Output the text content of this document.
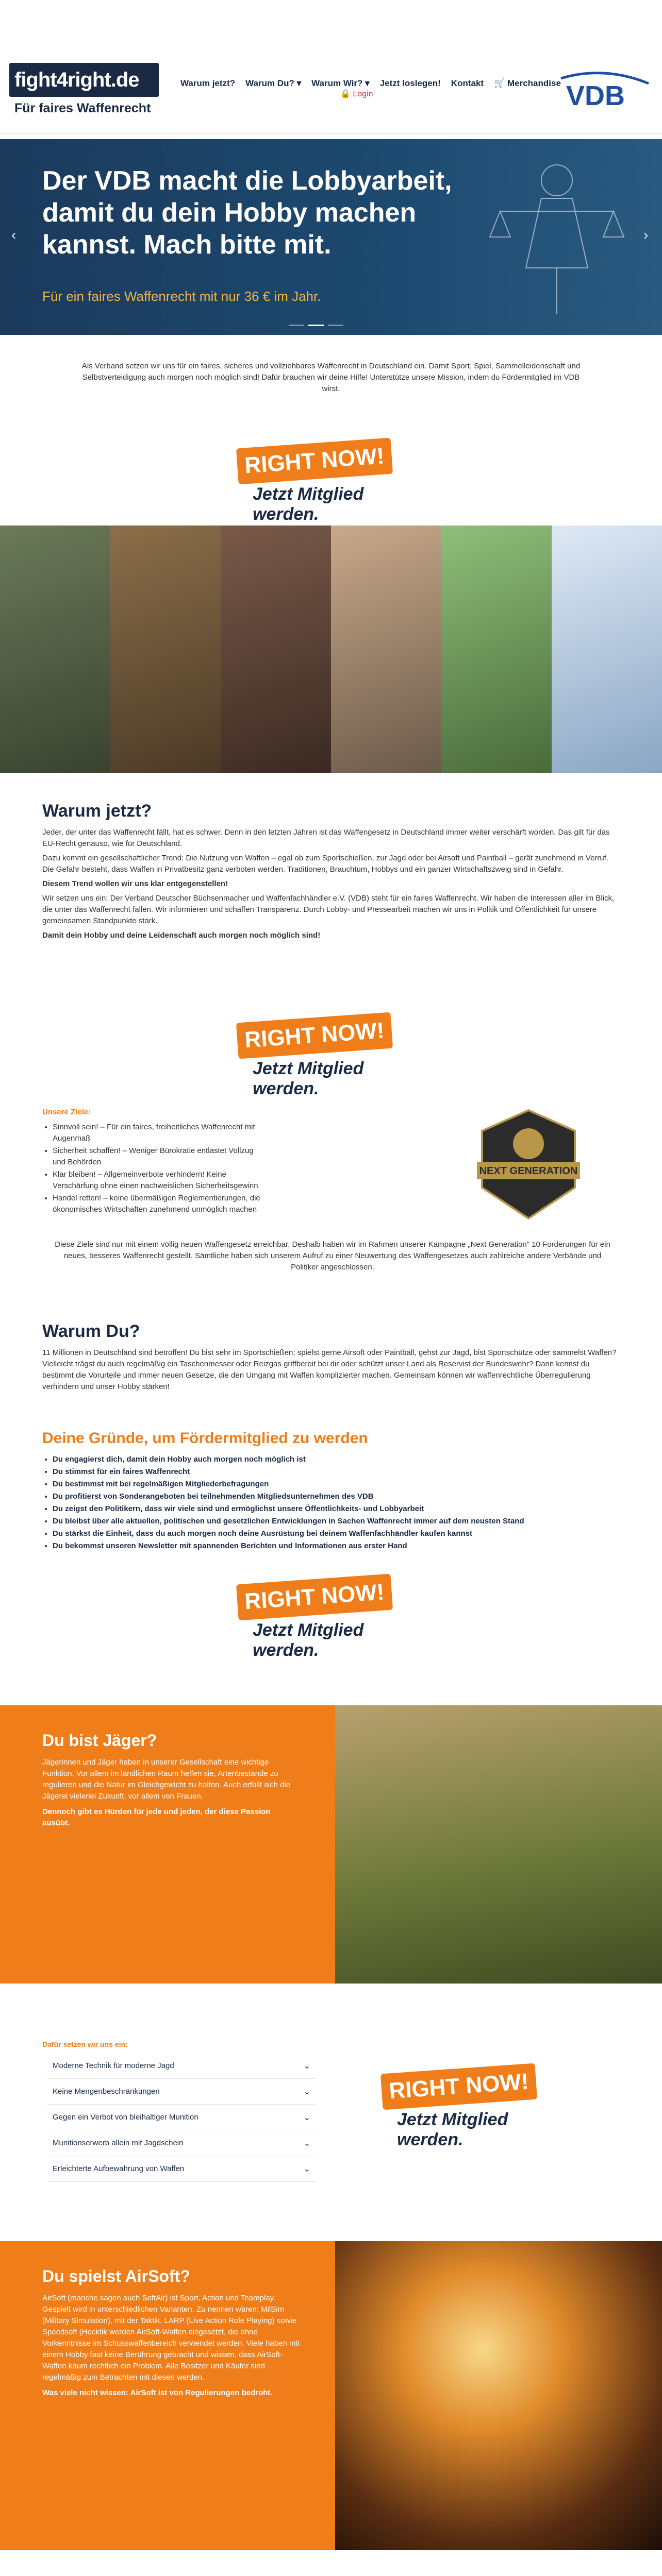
fight4right.de
Für faires Waffenrecht
Warum jetzt? Warum Du? ▾ Warum Wir? ▾ Jetzt loslegen! Kontakt 🛒 Merchandise
🔒 Login	VDB
Der VDB macht die Lobbyarbeit, damit du dein Hobby machen kannst. Mach bitte mit.
Für ein faires Waffenrecht mit nur 36 € im Jahr.
‹	›
Als Verband setzen wir uns für ein faires, sicheres und vollziehbares Waffenrecht in Deutschland ein. Damit Sport, Spiel, Sammelleidenschaft und Selbstverteidigung auch morgen noch möglich sind! Dafür brauchen wir deine Hilfe! Unterstütze unsere Mission, indem du Fördermitglied im VDB wirst.
RIGHT NOW!
Jetzt Mitglied werden.
Warum jetzt?

Jeder, der unter das Waffenrecht fällt, hat es schwer. Denn in den letzten Jahren ist das Waffengesetz in Deutschland immer weiter verschärft worden. Das gilt für das EU-Recht genauso, wie für Deutschland.

Dazu kommt ein gesellschaftlicher Trend: Die Nutzung von Waffen – egal ob zum Sportschießen, zur Jagd oder bei Airsoft und Paintball – gerät zunehmend in Verruf. Die Gefahr besteht, dass Waffen in Privatbesitz ganz verboten werden. Traditionen, Brauchtum, Hobbys und ein ganzer Wirtschaftszweig sind in Gefahr.

Diesem Trend wollen wir uns klar entgegenstellen!

Wir setzen uns ein: Der Verband Deutscher Büchsenmacher und Waffenfachhändler e.V. (VDB) steht für ein faires Waffenrecht. Wir haben die Interessen aller im Blick, die unter das Waffenrecht fallen. Wir informieren und schaffen Transparenz. Durch Lobby- und Pressearbeit machen wir uns in Politik und Öffentlichkeit für unsere gemeinsamen Standpunkte stark.

Damit dein Hobby und deine Leidenschaft auch morgen noch möglich sind!

RIGHT NOW!
Jetzt Mitglied werden.
Unsere Ziele:
• Sinnvoll sein! – Für ein faires, freiheitliches Waffenrecht mit Augenmaß
• Sicherheit schaffen! – Weniger Bürokratie entlastet Vollzug und Behörden
• Klar bleiben! – Allgemeinverbote verhindern! Keine Verschärfung ohne einen nachweislichen Sicherheitsgewinn
• Handel retten! – keine übermäßigen Reglementierungen, die ökonomisches Wirtschaften zunehmend unmöglich machen
NEXT GENERATION
Diese Ziele sind nur mit einem völlig neuen Waffengesetz erreichbar. Deshalb haben wir im Rahmen unserer Kampagne „Next Generation" 10 Forderungen für ein neues, besseres Waffenrecht gestellt. Sämtliche haben sich unserem Aufruf zu einer Neuwertung des Waffengesetzes auch zahlreiche andere Verbände und Politiker angeschlossen.
Warum Du?
11 Millionen in Deutschland sind betroffen! Du bist sehr im Sportschießen; spielst gerne Airsoft oder Paintball, gehst zur Jagd, bist Sportschütze oder sammelst Waffen? Vielleicht trägst du auch regelmäßig ein Taschenmesser oder Reizgas griffbereit bei dir oder schützt unser Land als Reservist der Bundeswehr? Dann kennst du bestimmt die Vorurteile und immer neuen Gesetze, die den Umgang mit Waffen komplizierter machen. Gemeinsam können wir waffenrechtliche Überregulierung verhindern und unser Hobby stärken!
Deine Gründe, um Fördermitglied zu werden
• Du engagierst dich, damit dein Hobby auch morgen noch möglich ist
• Du stimmst für ein faires Waffenrecht
• Du bestimmst mit bei regelmäßigen Mitgliederbefragungen
• Du profitierst von Sonderangeboten bei teilnehmenden Mitgliedsunternehmen des VDB
• Du zeigst den Politikern, dass wir viele sind und ermöglichst unsere Öffentlichkeits- und Lobbyarbeit
• Du bleibst über alle aktuellen, politischen und gesetzlichen Entwicklungen in Sachen Waffenrecht immer auf dem neusten Stand
• Du stärkst die Einheit, dass du auch morgen noch deine Ausrüstung bei deinem Waffenfachhändler kaufen kannst
• Du bekommst unseren Newsletter mit spannenden Berichten und Informationen aus erster Hand
RIGHT NOW!
Jetzt Mitglied werden.
Du bist Jäger?

Jägerinnen und Jäger haben in unserer Gesellschaft eine wichtige Funktion. Vor allem im ländlichen Raum helfen sie, Artenbestände zu regulieren und die Natur im Gleichgewicht zu halten. Auch erfüllt sich die Jägerei vielerlei Zukunft, vor allem von Frauen.

Dennoch gibt es Hürden für jede und jeden, der diese Passion ausübt.

Dafür setzen wir uns ein:
Moderne Technik für moderne Jagd	⌄
Keine Mengenbeschränkungen	⌄
Gegen ein Verbot von bleihaltiger Munition	⌄
Munitionserwerb allein mit Jagdschein	⌄
Erleichterte Aufbewahrung von Waffen	⌄
RIGHT NOW!
Jetzt Mitglied werden.
Du spielst AirSoft?

AirSoft (manche sagen auch SoftAir) ist Sport, Action und Teamplay. Gespielt wird in unterschiedlichen Varianten. Zu nennen wären: MilSim (Military Simulation), mit der Taktik, LARP (Live Action Role Playing) sowie Speedsoft (Hecktik werden AirSoft-Waffen eingesetzt, die ohne Vorkenntnisse im Schusswaffenbereich verwendet werden. Viele haben mit einem Hobby fast keine Berührung gebracht und wissen, dass AirSoft-Waffen kaum rechtlich ein Problem. Alle Besitzer und Käufer sind regelmäßig zum Betrachten mit diesen werden.

Was viele nicht wissen: AirSoft ist von Regulierungen bedroht.
